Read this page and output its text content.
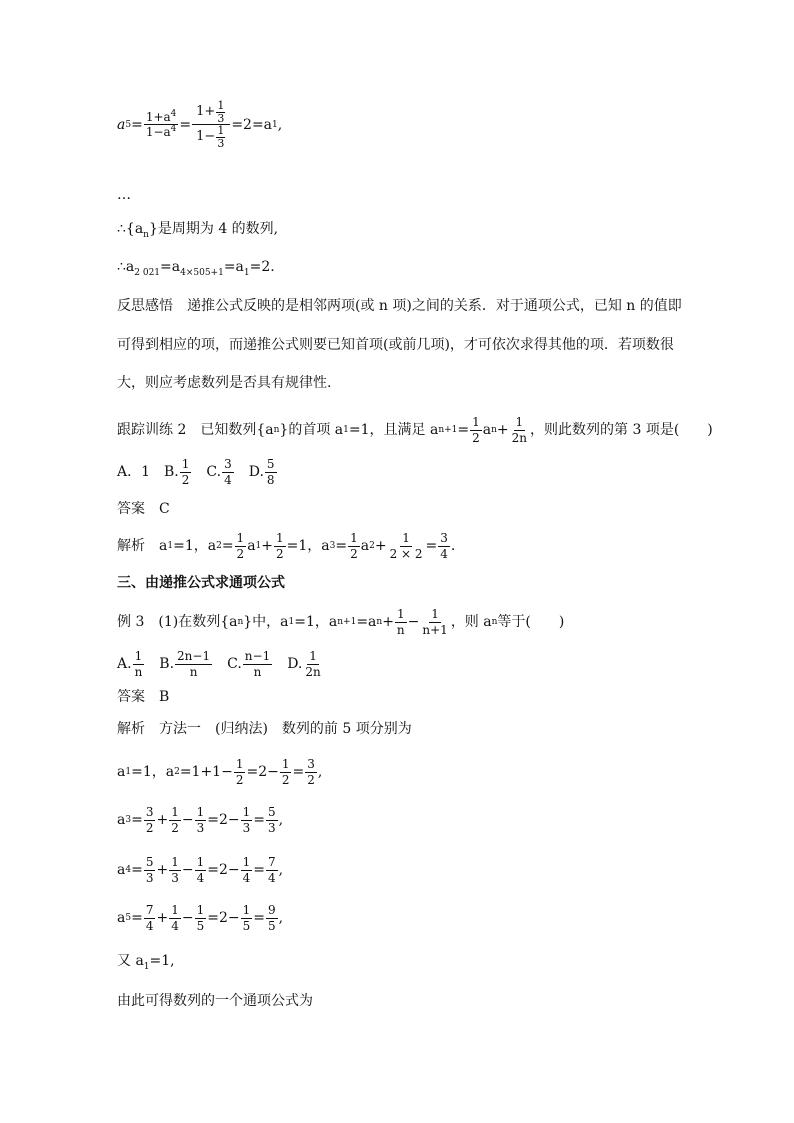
a $5 = \frac{1+a^4}{1-a^4} = \frac{1+ \frac{1}{3}}{1- \frac{1}{3}} =2=a$ 1 ,
…
$\therefore\{a_n\}$是周期为 4 的数列,
$\therefore a_{2 021}=a_{4\times 505+1}=a_1=2$.
反思感悟　递推公式反映的是相邻两项(或 n 项)之间的关系．对于通项公式，已知 n 的值即
可得到相应的项，而递推公式则要已知首项(或前几项)，才可依次求得其他的项．若项数很
大，则应考虑数列是否具有规律性.
跟踪训练 2　已知数列{a n }的首项 a 1 =1，且满足 a $n+1 = \frac{1}{2}$ a $n + \frac{1}{2n}$ ，则此数列的第 3 项是(　　)
A．1　B. $\frac{1}{2}$ 　C. $\frac{3}{4}$ 　D. $\frac{5}{8}$
答案　C
解析　a 1 =1，a $2 = \frac{1}{2}$ a $1 + \frac{1}{2} =1$，a $3 = \frac{1}{2}$ a $2 + \frac{1}{2 \times 2} = \frac{3}{4}$ .
三、由递推公式求通项公式
例 3　(1)在数列{a n }中，a 1 =1，a n+1 =a $n + \frac{1}{n} - \frac{1}{n+1}$ ，则 a n 等于(　　)
A. $\frac{1}{n}$ 　B. $\frac{2n-1}{n}$ 　C. $\frac{n-1}{n}$ 　D. $\frac{1}{2n}$
答案　B
解析　方法一　(归纳法)　数列的前 5 项分别为
a 1 =1，a $2 =1+1- \frac{1}{2} =2- \frac{1}{2} = \frac{3}{2}$ ,
a $3 = \frac{3}{2} + \frac{1}{2} - \frac{1}{3} =2- \frac{1}{3} = \frac{5}{3}$ ,
a $4 = \frac{5}{3} + \frac{1}{3} - \frac{1}{4} =2- \frac{1}{4} = \frac{7}{4}$ ,
a $5 = \frac{7}{4} + \frac{1}{4} - \frac{1}{5} =2- \frac{1}{5} = \frac{9}{5}$ ,
又 $a_1=1$,
由此可得数列的一个通项公式为
